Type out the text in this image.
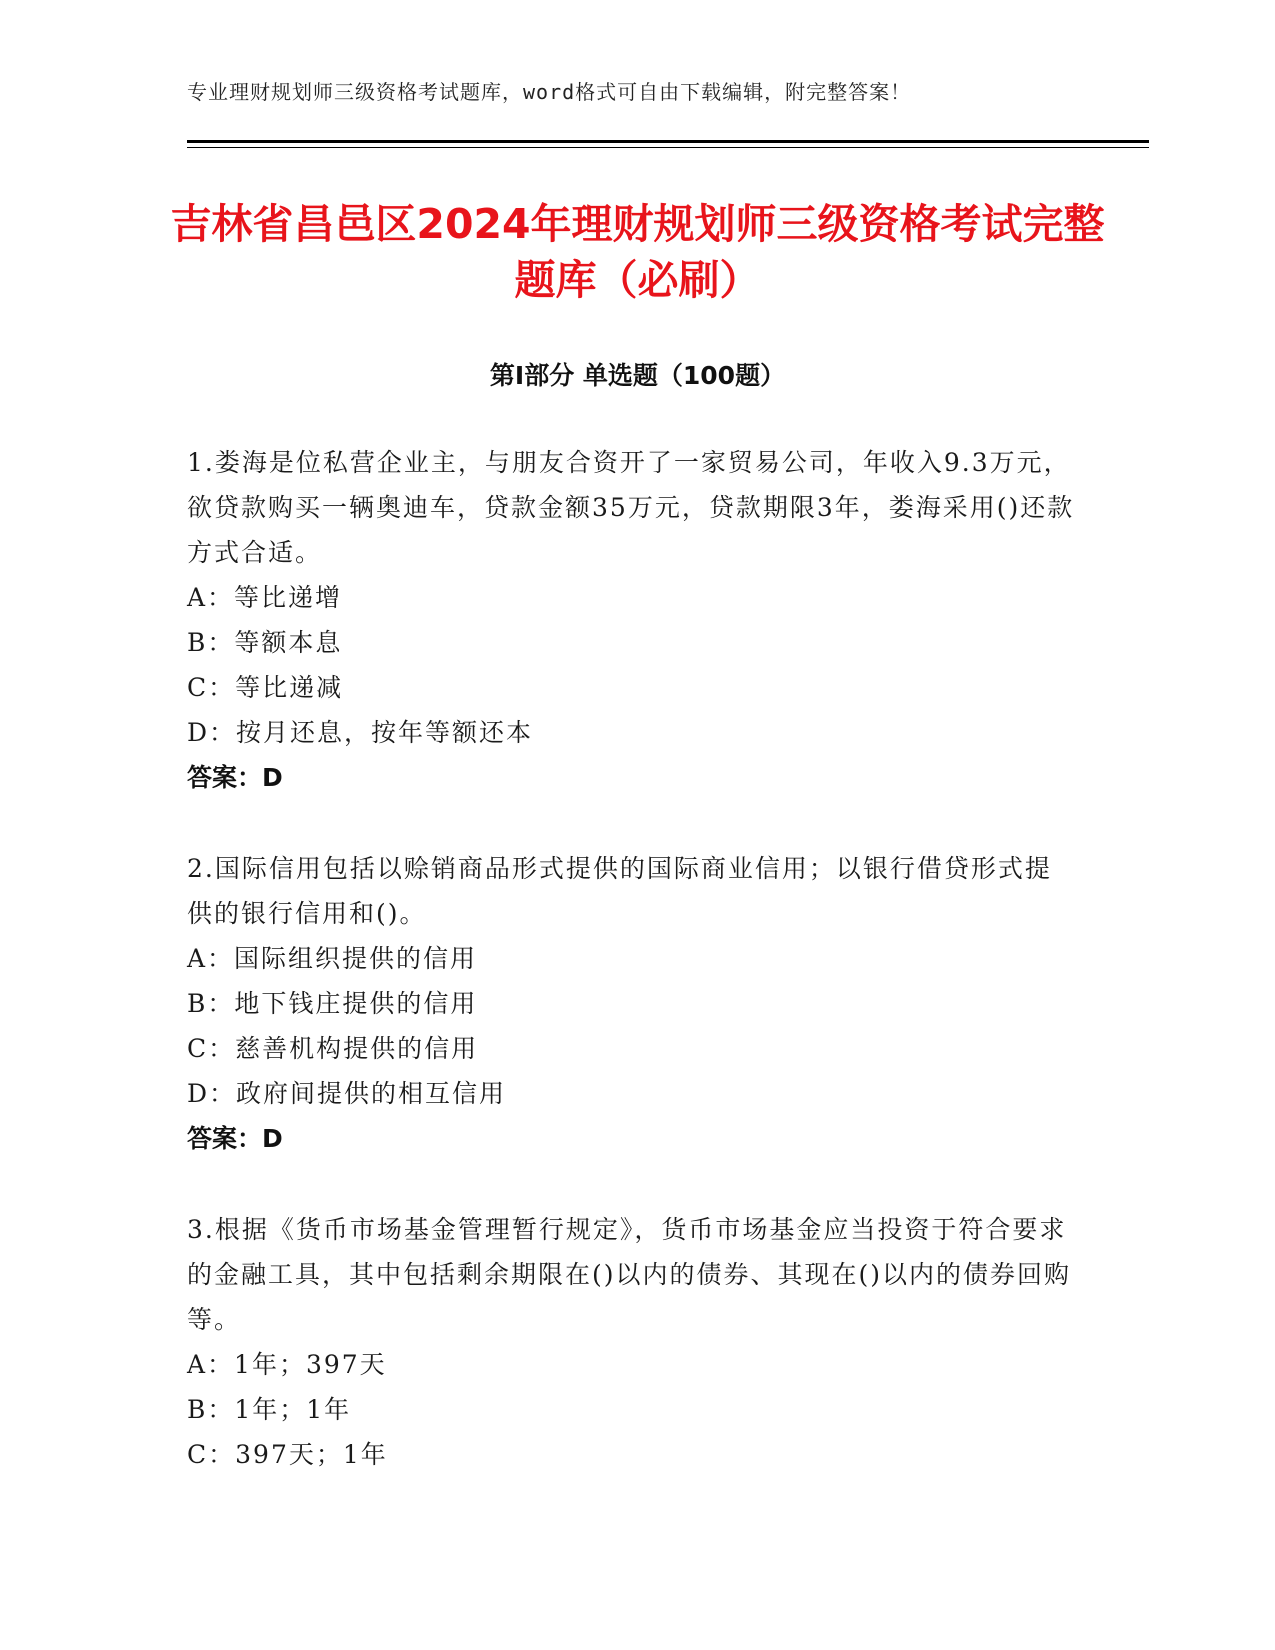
专业理财规划师三级资格考试题库，word格式可自由下载编辑，附完整答案！
吉林省昌邑区2024年理财规划师三级资格考试完整题库（必刷）
第Ⅰ部分 单选题（100题）
1.娄海是位私营企业主，与朋友合资开了一家贸易公司，年收入9.3万元，欲贷款购买一辆奥迪车，贷款金额35万元，贷款期限3年，娄海采用()还款方式合适。
A：等比递增
B：等额本息
C：等比递减
D：按月还息，按年等额还本
答案：D
2.国际信用包括以赊销商品形式提供的国际商业信用；以银行借贷形式提供的银行信用和()。
A：国际组织提供的信用
B：地下钱庄提供的信用
C：慈善机构提供的信用
D：政府间提供的相互信用
答案：D
3.根据《货币市场基金管理暂行规定》，货币市场基金应当投资于符合要求的金融工具，其中包括剩余期限在()以内的债券、其现在()以内的债券回购等。
A：1年；397天
B：1年；1年
C：397天；1年
